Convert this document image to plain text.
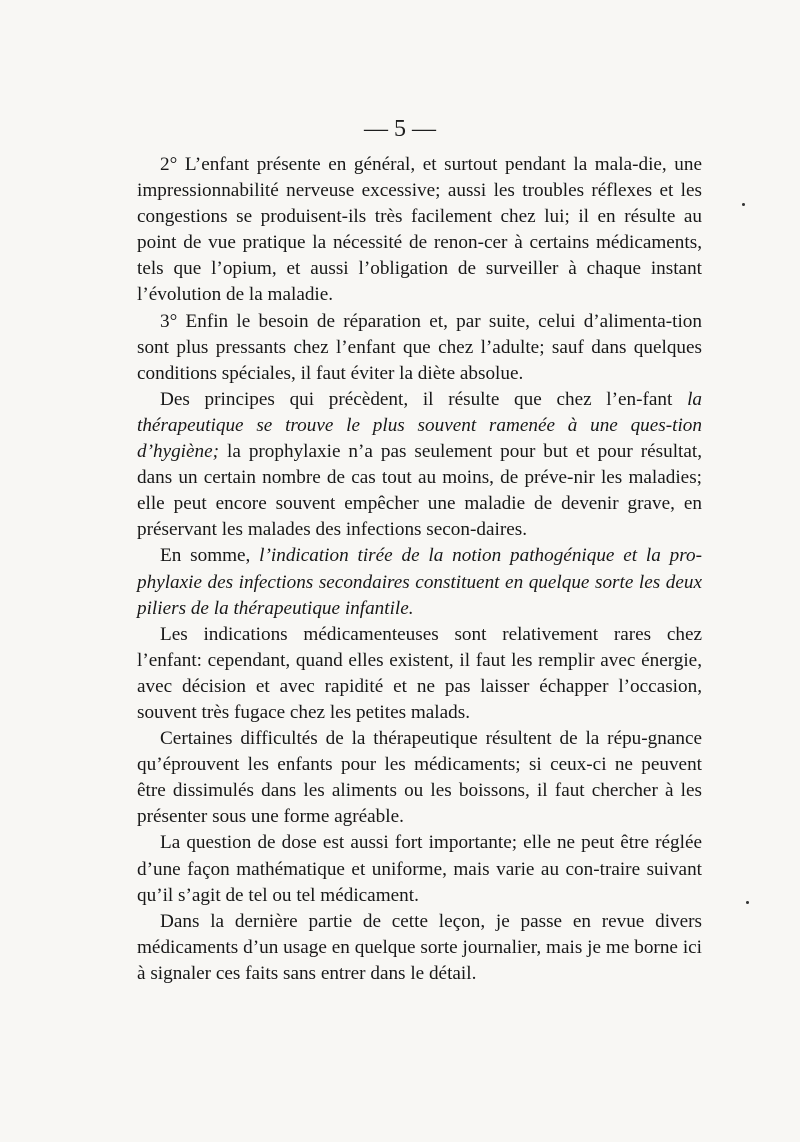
— 5 —

2° L’enfant présente en général, et surtout pendant la mala-die, une impressionnabilité nerveuse excessive; aussi les troubles réflexes et les congestions se produisent-ils très facilement chez lui; il en résulte au point de vue pratique la nécessité de renon-cer à certains médicaments, tels que l’opium, et aussi l’obligation de surveiller à chaque instant l’évolution de la maladie.

3° Enfin le besoin de réparation et, par suite, celui d’alimenta-tion sont plus pressants chez l’enfant que chez l’adulte; sauf dans quelques conditions spéciales, il faut éviter la diète absolue.

Des principes qui précèdent, il résulte que chez l’en-fant la thérapeutique se trouve le plus souvent ramenée à une ques-tion d’hygiène; la prophylaxie n’a pas seulement pour but et pour résultat, dans un certain nombre de cas tout au moins, de préve-nir les maladies; elle peut encore souvent empêcher une maladie de devenir grave, en préservant les malades des infections secon-daires.

En somme, l’indication tirée de la notion pathogénique et la pro-phylaxie des infections secondaires constituent en quelque sorte les deux piliers de la thérapeutique infantile.

Les indications médicamenteuses sont relativement rares chez l’enfant: cependant, quand elles existent, il faut les remplir avec énergie, avec décision et avec rapidité et ne pas laisser échapper l’occasion, souvent très fugace chez les petites malads.

Certaines difficultés de la thérapeutique résultent de la répu-gnance qu’éprouvent les enfants pour les médicaments; si ceux-ci ne peuvent être dissimulés dans les aliments ou les boissons, il faut chercher à les présenter sous une forme agréable.

La question de dose est aussi fort importante; elle ne peut être réglée d’une façon mathématique et uniforme, mais varie au con-traire suivant qu’il s’agit de tel ou tel médicament.

Dans la dernière partie de cette leçon, je passe en revue divers médicaments d’un usage en quelque sorte journalier, mais je me borne ici à signaler ces faits sans entrer dans le détail.
